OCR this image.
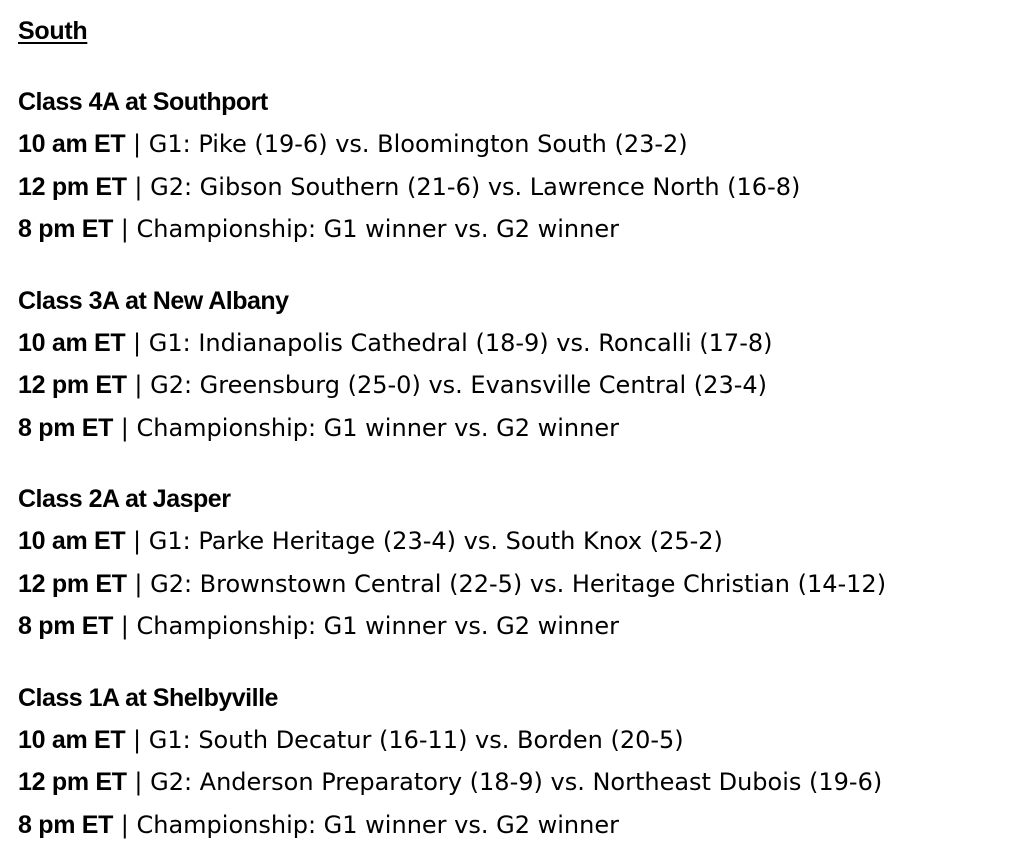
South
Class 4A at Southport
10 am ET | G1: Pike (19-6) vs. Bloomington South (23-2)
12 pm ET | G2: Gibson Southern (21-6) vs. Lawrence North (16-8)
8 pm ET | Championship: G1 winner vs. G2 winner
Class 3A at New Albany
10 am ET | G1: Indianapolis Cathedral (18-9) vs. Roncalli (17-8)
12 pm ET | G2: Greensburg (25-0) vs. Evansville Central (23-4)
8 pm ET | Championship: G1 winner vs. G2 winner
Class 2A at Jasper
10 am ET | G1: Parke Heritage (23-4) vs. South Knox (25-2)
12 pm ET | G2: Brownstown Central (22-5) vs. Heritage Christian (14-12)
8 pm ET | Championship: G1 winner vs. G2 winner
Class 1A at Shelbyville
10 am ET | G1: South Decatur (16-11) vs. Borden (20-5)
12 pm ET | G2: Anderson Preparatory (18-9) vs. Northeast Dubois (19-6)
8 pm ET | Championship: G1 winner vs. G2 winner
